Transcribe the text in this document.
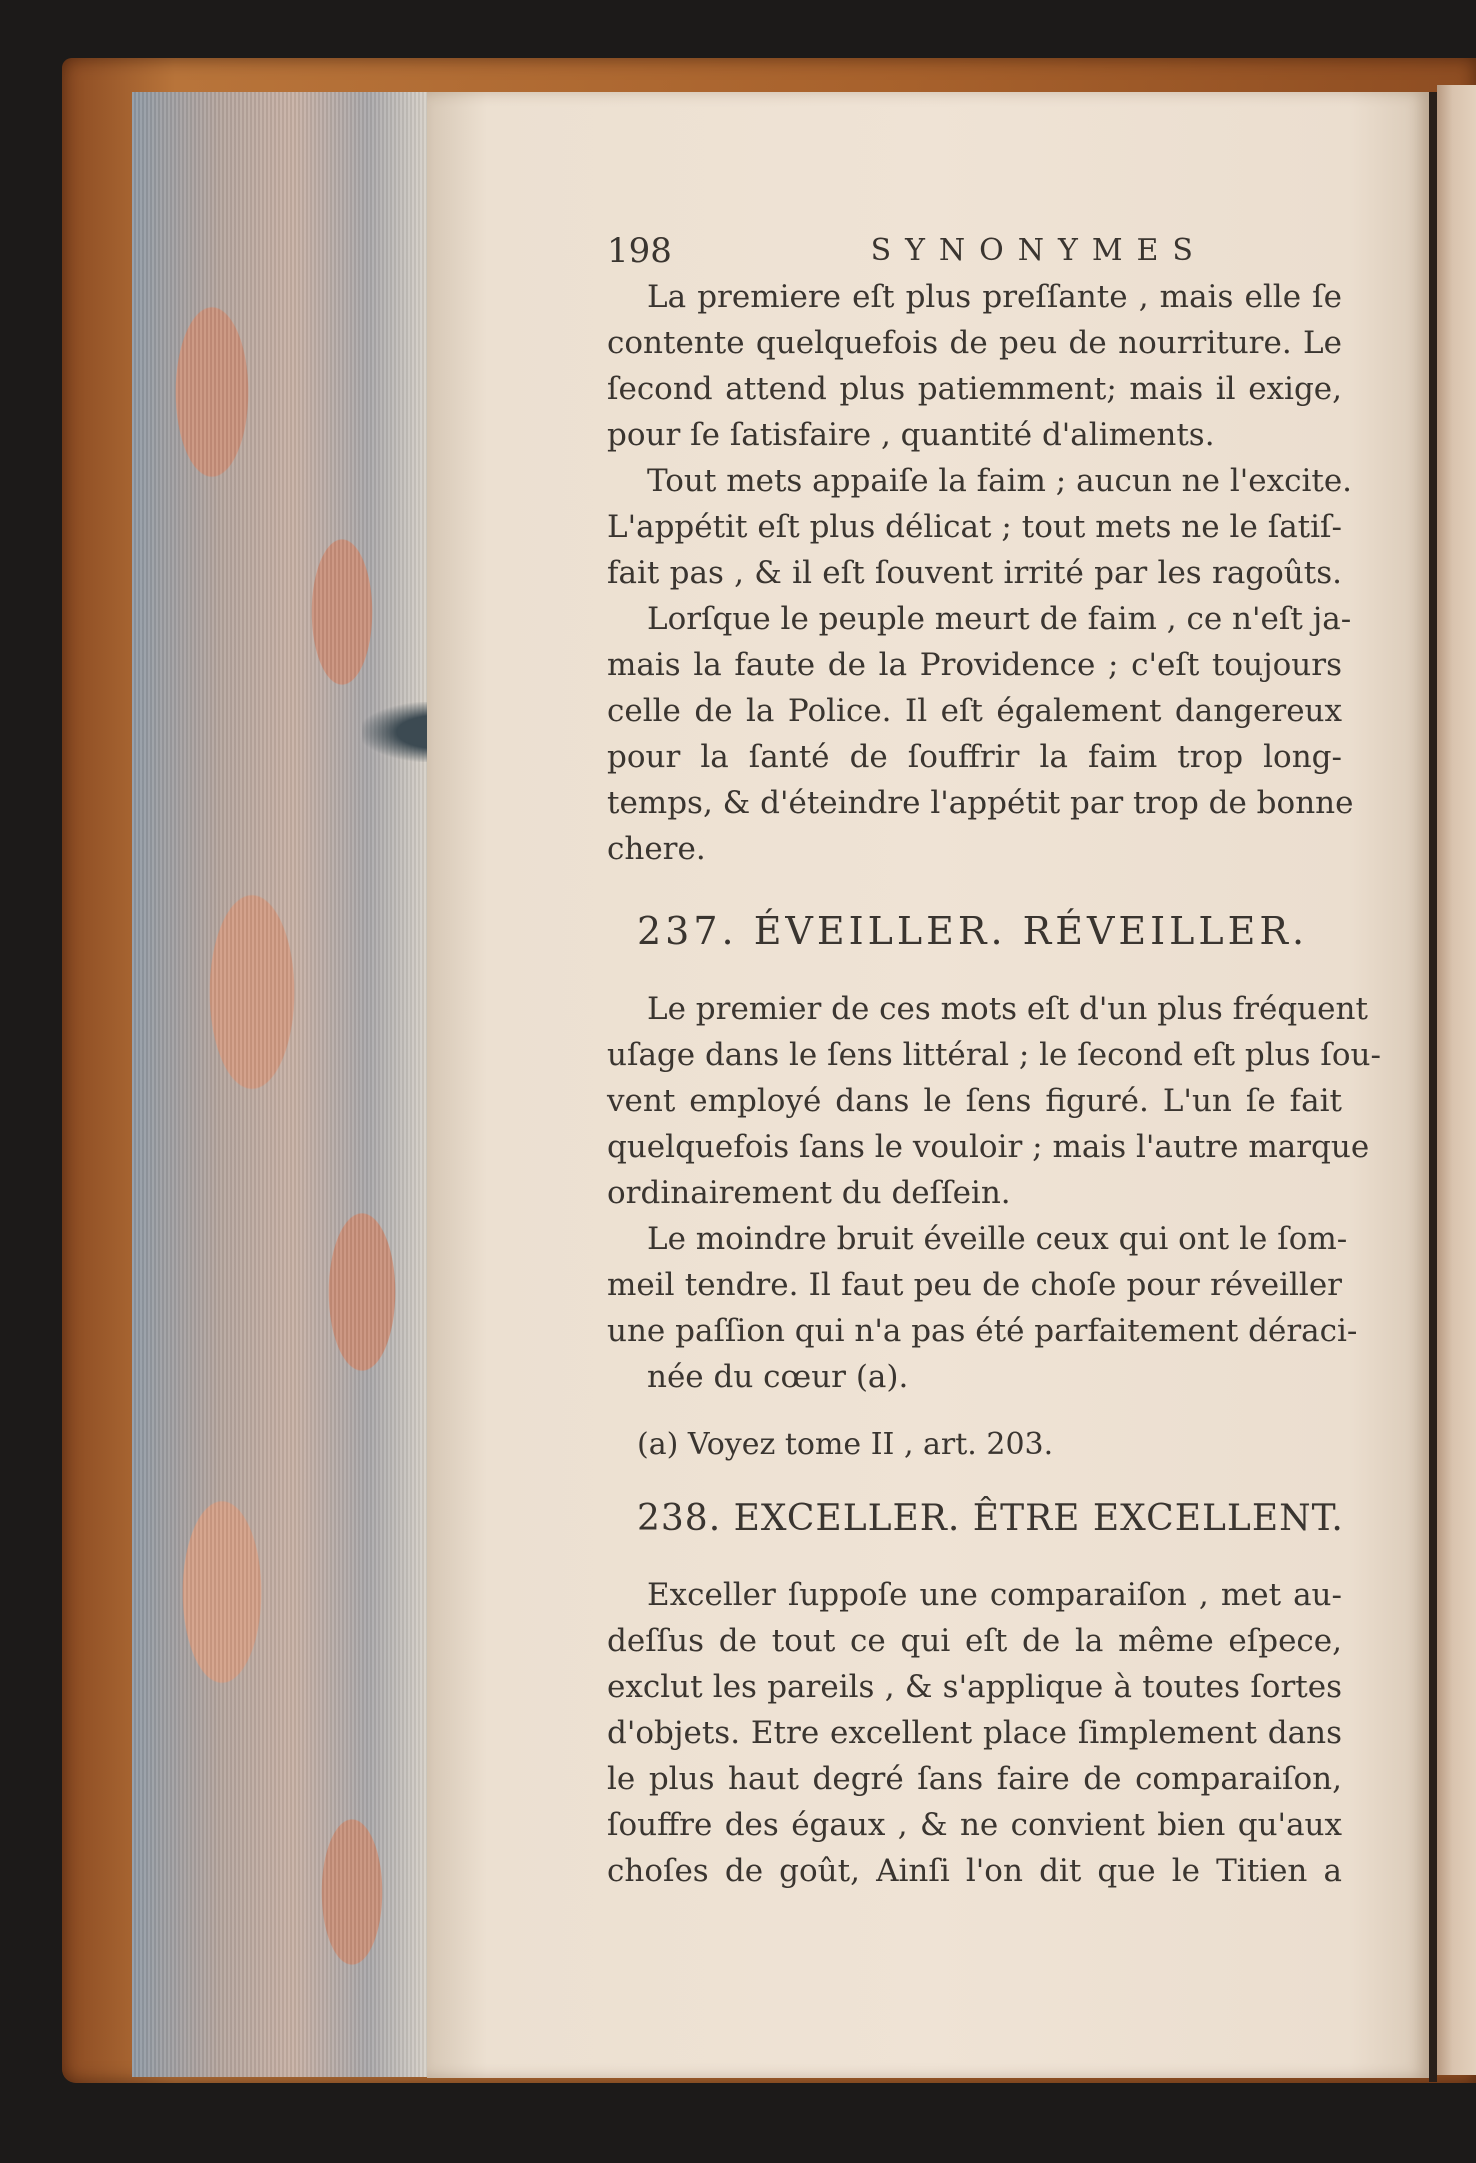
198	SYNONYMES
La premiere eſt plus preſſante , mais elle ſe
contente quelquefois de peu de nourriture. Le
ſecond attend plus patiemment; mais il exige,
pour ſe ſatisfaire , quantité d'aliments.
Tout mets appaiſe la faim ; aucun ne l'excite.
L'appétit eſt plus délicat ; tout mets ne le ſatiſ-
fait pas , & il eſt ſouvent irrité par les ragoûts.
Lorſque le peuple meurt de faim , ce n'eſt ja-
mais la faute de la Providence ; c'eſt toujours
celle de la Police. Il eſt également dangereux
pour la ſanté de ſouffrir la faim trop long-
temps, & d'éteindre l'appétit par trop de bonne
chere.
237. ÉVEILLER. RÉVEILLER.
Le premier de ces mots eſt d'un plus fréquent
uſage dans le ſens littéral ; le ſecond eſt plus ſou-
vent employé dans le ſens figuré. L'un ſe fait
quelquefois ſans le vouloir ; mais l'autre marque
ordinairement du deſſein.
Le moindre bruit éveille ceux qui ont le ſom-
meil tendre. Il faut peu de choſe pour réveiller
une paſſion qui n'a pas été parfaitement déraci-
née du cœur (a).
(a) Voyez tome II , art. 203.
238. EXCELLER. ÊTRE EXCELLENT.
Exceller ſuppoſe une comparaiſon , met au-
deſſus de tout ce qui eſt de la même eſpece,
exclut les pareils , & s'applique à toutes ſortes
d'objets. Etre excellent place ſimplement dans
le plus haut degré ſans faire de comparaiſon,
ſouffre des égaux , & ne convient bien qu'aux
choſes de goût, Ainſi l'on dit que le Titien a
